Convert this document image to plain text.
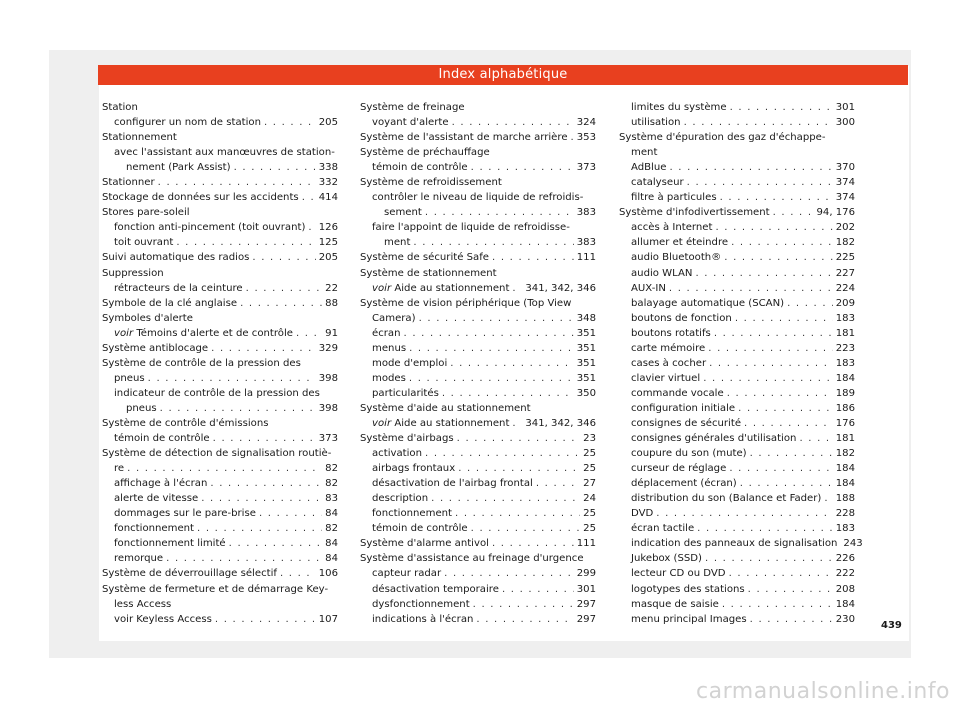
Index alphabétique
Station
configurer un nom de station . . .	205
Stationnement
avec l'assistant aux manœuvres de station-
nement (Park Assist) . . .	338
Stationner . . .	332
Stockage de données sur les accidents . . . 414
Stores pare-soleil
fonction anti-pincement (toit ouvrant) . . . 126
toit ouvrant . . .	125
Suivi automatique des radios . . .	205
Suppression
rétracteurs de la ceinture . . .	22
Symbole de la clé anglaise . . .	88
Symboles d'alerte
voir Témoins d'alerte et de contrôle . . .	91
Système antiblocage . . .	329
Système de contrôle de la pression des
pneus . . .	398
indicateur de contrôle de la pression des
pneus . . .	398
Système de contrôle d'émissions
témoin de contrôle . . .	373
Système de détection de signalisation routiè-
re . . .	82
affichage à l'écran . . .	82
alerte de vitesse . . .	83
dommages sur le pare-brise . . .	84
fonctionnement . . .	82
fonctionnement limité . . .	84
remorque . . .	84
Système de déverrouillage sélectif . . .	106
Système de fermeture et de démarrage Key-
less Access
voir Keyless Access . . .	107
Système de freinage
voyant d'alerte . . .	324
Système de l'assistant de marche arrière . . . 353
Système de préchauffage
témoin de contrôle . . .	373
Système de refroidissement
contrôler le niveau de liquide de refroidis-
sement . . .	383
faire l'appoint de liquide de refroidisse-
ment . . .	383
Système de sécurité Safe . . .	111
Système de stationnement
voir Aide au stationnement . . . 341, 342, 346
Système de vision périphérique (Top View
Camera) . . .	348
écran . . .	351
menus . . .	351
mode d'emploi . . .	351
modes . . .	351
particularités . . .	350
Système d'aide au stationnement
voir Aide au stationnement . . . 341, 342, 346
Système d'airbags . . .	23
activation . . .	25
airbags frontaux . . .	25
désactivation de l'airbag frontal . . .	27
description . . .	24
fonctionnement . . .	25
témoin de contrôle . . .	25
Système d'alarme antivol . . .	111
Système d'assistance au freinage d'urgence
capteur radar . . .	299
désactivation temporaire . . .	301
dysfonctionnement . . .	297
indications à l'écran . . .	297
limites du système . . .	301
utilisation . . .	300
Système d'épuration des gaz d'échappe-
ment
AdBlue . . .	370
catalyseur . . .	374
filtre à particules . . .	374
Système d'infodivertissement . . .	94, 176
accès à Internet . . .	202
allumer et éteindre . . .	182
audio Bluetooth® . . .	225
audio WLAN . . .	227
AUX-IN . . .	224
balayage automatique (SCAN) . . .	209
boutons de fonction . . .	183
boutons rotatifs . . .	181
carte mémoire . . .	223
cases à cocher . . .	183
clavier virtuel . . .	184
commande vocale . . .	189
configuration initiale . . .	186
consignes de sécurité . . .	176
consignes générales d'utilisation . . .	181
coupure du son (mute) . . .	182
curseur de réglage . . .	184
déplacement (écran) . . .	184
distribution du son (Balance et Fader) . . . 188
DVD . . .	228
écran tactile . . .	183
indication des panneaux de signalisation 243
Jukebox (SSD) . . .	226
lecteur CD ou DVD . . .	222
logotypes des stations . . .	208
masque de saisie . . .	184
menu principal Images . . .	230
439
carmanualsonline.info
